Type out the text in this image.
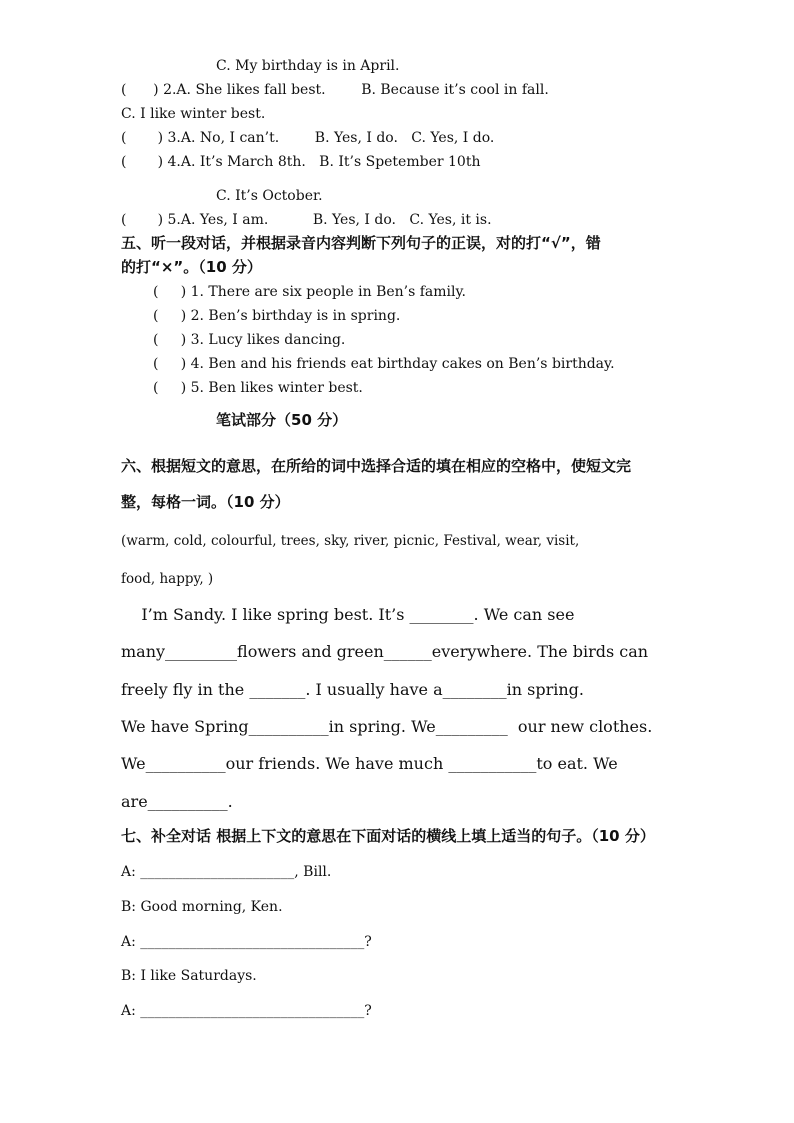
C. My birthday is in April.
(      ) 2.A. She likes fall best.        B. Because it’s cool in fall.
C. I like winter best.
(       ) 3.A. No, I can’t.        B. Yes, I do.   C. Yes, I do.
(       ) 4.A. It’s March 8th.   B. It’s Spetember 10th
C. It’s October.
(       ) 5.A. Yes, I am.          B. Yes, I do.   C. Yes, it is.
五、听一段对话，并根据录音内容判断下列句子的正误，对的打“√”，错
的打“×”。（10 分）
(     ) 1. There are six people in Ben’s family.
(     ) 2. Ben’s birthday is in spring.
(     ) 3. Lucy likes dancing.
(     ) 4. Ben and his friends eat birthday cakes on Ben’s birthday.
(     ) 5. Ben likes winter best.
笔试部分（50 分）
六、根据短文的意思，在所给的词中选择合适的填在相应的空格中，使短文完
整，每格一词。（10 分）
(warm, cold, colourful, trees, sky, river, picnic, Festival, wear, visit,
food, happy, )
I’m Sandy. I like spring best. It’s ________. We can see
many_________flowers and green______everywhere. The birds can
freely fly in the _______. I usually have a________in spring.
We have Spring__________in spring. We_________  our new clothes.
We__________our friends. We have much ___________to eat. We
are__________.
七、补全对话 根据上下文的意思在下面对话的横线上填上适当的句子。（10 分）
A: ______________________, Bill.
B: Good morning, Ken.
A: ________________________________?
B: I like Saturdays.
A: ________________________________?
